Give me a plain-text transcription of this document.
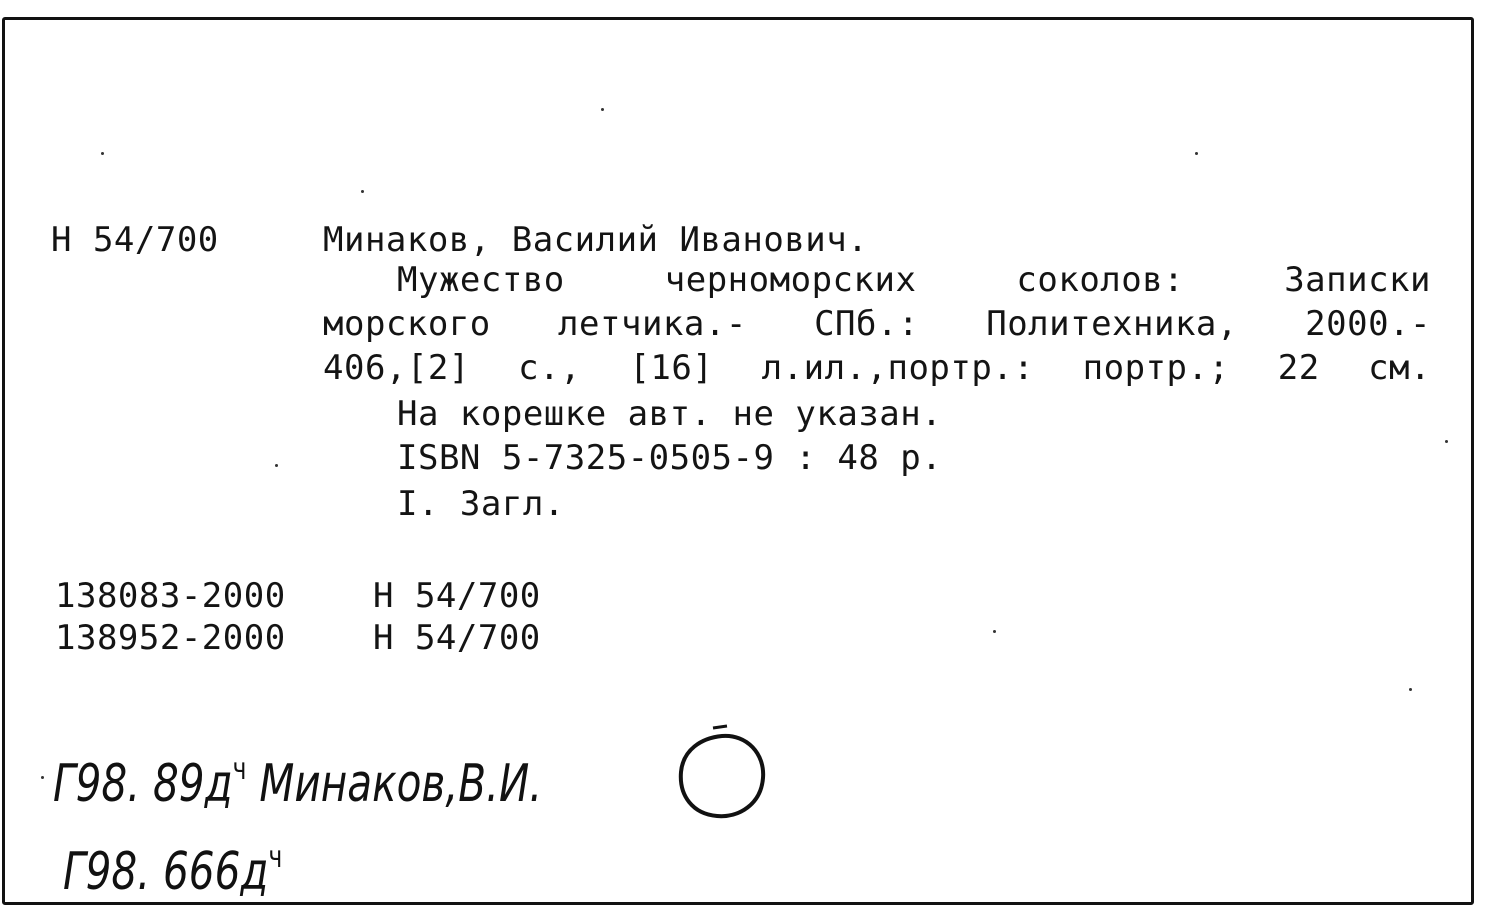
Н 54/700	Минаков, Василий Иванович.
Мужество черноморских соколов: Записки
морского летчика.- СПб.: Политехника, 2000.-
406,[2] с., [16] л.ил.,портр.: портр.; 22 см.
На корешке авт. не указан.
ISBN 5-7325-0505-9 : 48 р.
I. Загл.
138083-2000	Н 54/700
138952-2000	Н 54/700
Г98. $89д^ч$ Минаков,В.И.
Г98. $666д^ч$
